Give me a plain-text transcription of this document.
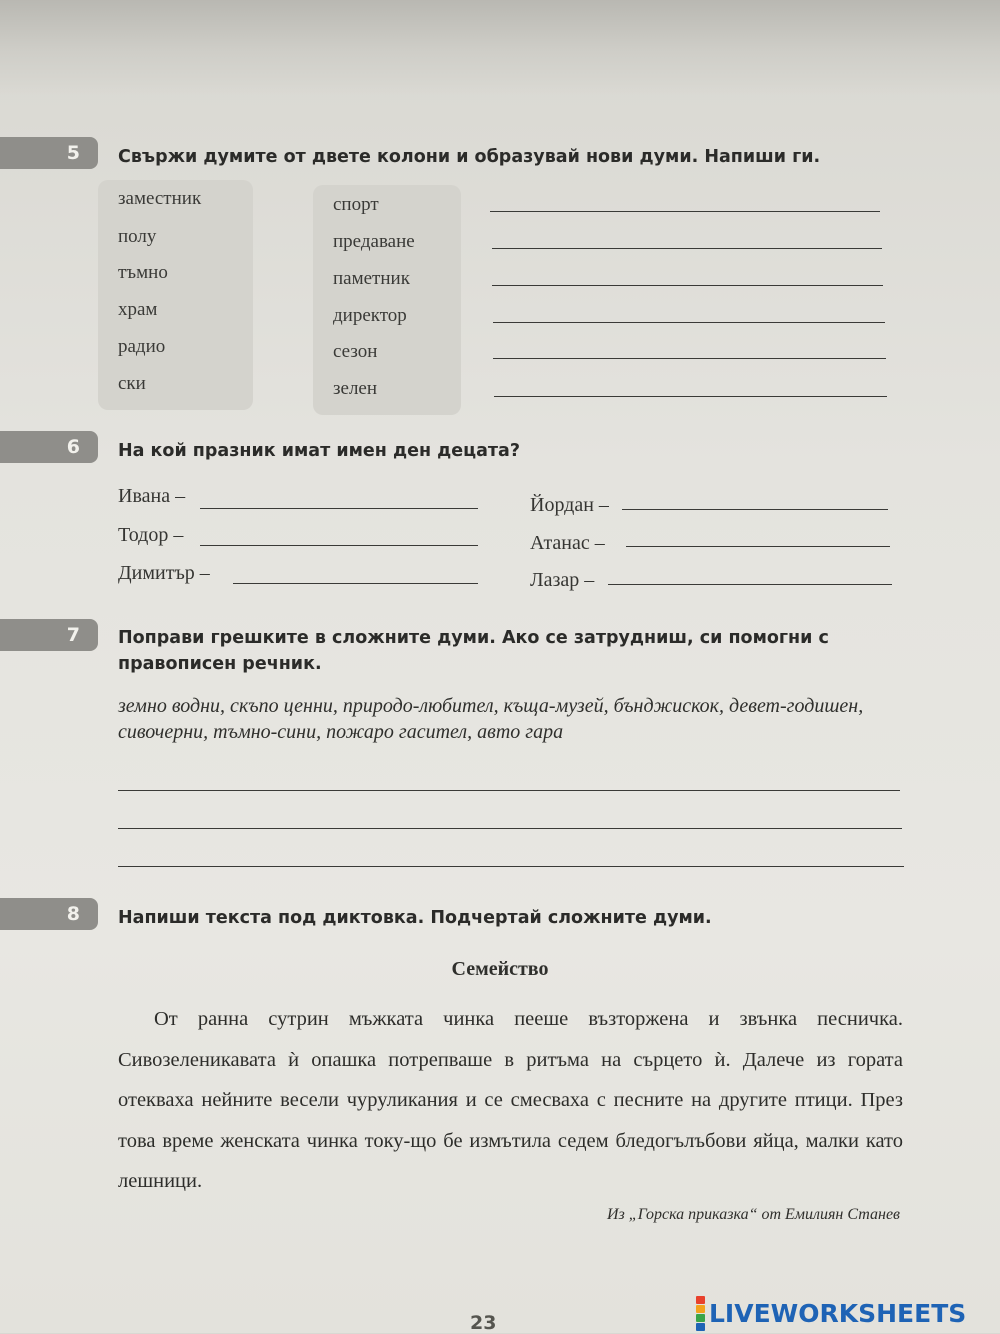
5 Свържи думите от двете колони и образувай нови думи. Напиши ги.
заместник
полу
тъмно
храм
радио
ски
спорт
предаване
паметник
директор
сезон
зелен
6 На кой празник имат имен ден децата?
Ивана –
Тодор –
Димитър –
Йордан –
Атанас –
Лазар –
7 Поправи грешките в сложните думи. Ако се затрудниш, си помогни с правописен речник.
земно водни, скъпо ценни, природо-любител, къща-музей, бънджискок, девет-годишен, сивочерни, тъмно-сини, пожаро гасител, авто гара
8 Напиши текста под диктовка. Подчертай сложните думи.
Семейство
От ранна сутрин мъжката чинка пееше възторжена и звънка песничка. Сивозеленикавата ѝ опашка потрепваше в ритъма на сърцето ѝ. Далече из гората отекваха нейните весели чуруликания и се смесваха с песните на другите птици. През това време женската чинка току-що бе измътила седем бледогълъбови яйца, малки като лешници.
Из „Горска приказка“ от Емилиян Станев
23	LIVEWORKSHEETS
